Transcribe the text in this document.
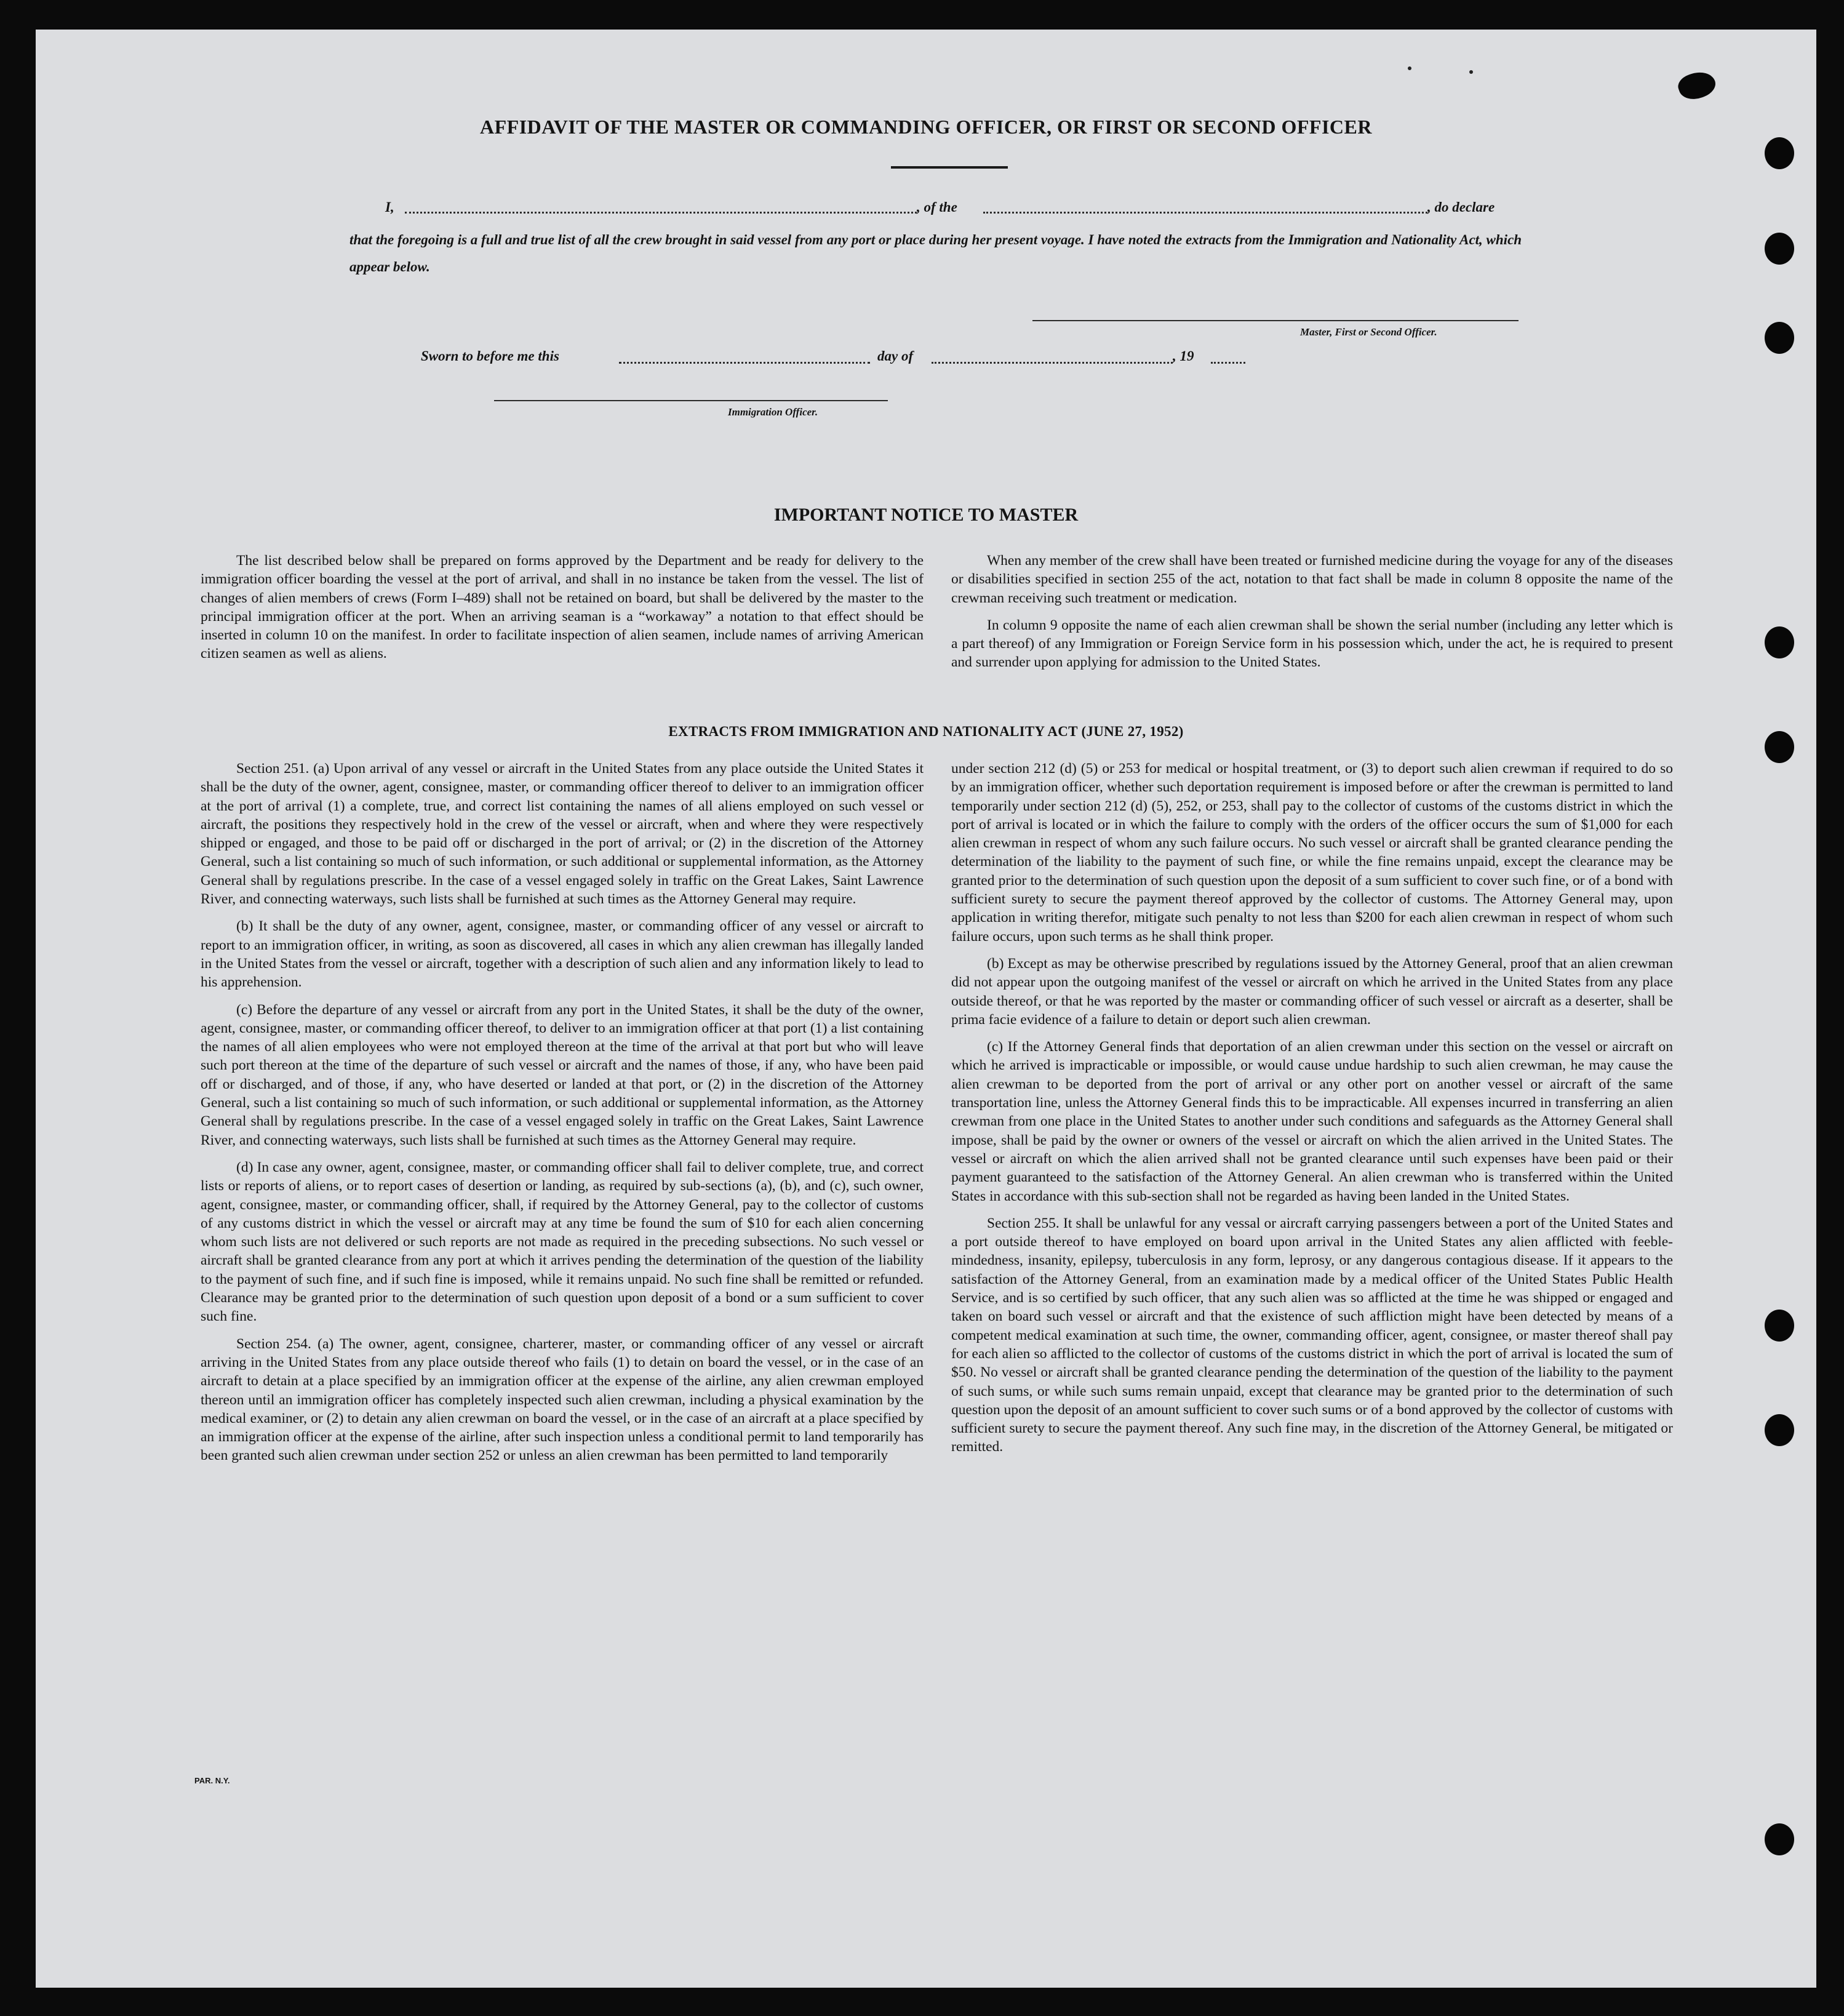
AFFIDAVIT OF THE MASTER OR COMMANDING OFFICER, OR FIRST OR SECOND OFFICER
I,	, of the	, do declare

that the foregoing is a full and true list of all the crew brought in said vessel from any port or place during her present voyage. I have noted the extracts from the Immigration and Nationality Act, which appear below.

Master, First or Second Officer.
Sworn to before me this	day of	, 19
Immigration Officer.
IMPORTANT NOTICE TO MASTER

The list described below shall be prepared on forms approved by the Department and be ready for delivery to the immigration officer boarding the vessel at the port of arrival, and shall in no instance be taken from the vessel. The list of changes of alien members of crews (Form I–489) shall not be retained on board, but shall be delivered by the master to the principal immigration officer at the port. When an arriving seaman is a “workaway” a notation to that effect should be inserted in column 10 on the manifest. In order to facilitate inspection of alien seamen, include names of arriving American citizen seamen as well as aliens.

When any member of the crew shall have been treated or furnished medicine during the voyage for any of the diseases or disabilities specified in section 255 of the act, notation to that fact shall be made in column 8 opposite the name of the crewman receiving such treatment or medication.

In column 9 opposite the name of each alien crewman shall be shown the serial number (including any letter which is a part thereof) of any Immigration or Foreign Service form in his possession which, under the act, he is required to present and surrender upon applying for admission to the United States.

EXTRACTS FROM IMMIGRATION AND NATIONALITY ACT (JUNE 27, 1952)

Section 251. (a) Upon arrival of any vessel or aircraft in the United States from any place outside the United States it shall be the duty of the owner, agent, consignee, master, or commanding officer thereof to deliver to an immigration officer at the port of arrival (1) a complete, true, and correct list containing the names of all aliens employed on such vessel or aircraft, the positions they respectively hold in the crew of the vessel or aircraft, when and where they were respectively shipped or engaged, and those to be paid off or discharged in the port of arrival; or (2) in the discretion of the Attorney General, such a list containing so much of such information, or such additional or supplemental information, as the Attorney General shall by regulations prescribe. In the case of a vessel engaged solely in traffic on the Great Lakes, Saint Lawrence River, and connecting waterways, such lists shall be furnished at such times as the Attorney General may require.

(b) It shall be the duty of any owner, agent, consignee, master, or commanding officer of any vessel or aircraft to report to an immigration officer, in writing, as soon as discovered, all cases in which any alien crewman has illegally landed in the United States from the vessel or aircraft, together with a description of such alien and any information likely to lead to his apprehension.

(c) Before the departure of any vessel or aircraft from any port in the United States, it shall be the duty of the owner, agent, consignee, master, or commanding officer thereof, to deliver to an immigration officer at that port (1) a list containing the names of all alien employees who were not employed thereon at the time of the arrival at that port but who will leave such port thereon at the time of the departure of such vessel or aircraft and the names of those, if any, who have been paid off or discharged, and of those, if any, who have deserted or landed at that port, or (2) in the discretion of the Attorney General, such a list containing so much of such information, or such additional or supplemental information, as the Attorney General shall by regulations prescribe. In the case of a vessel engaged solely in traffic on the Great Lakes, Saint Lawrence River, and connecting waterways, such lists shall be furnished at such times as the Attorney General may require.

(d) In case any owner, agent, consignee, master, or commanding officer shall fail to deliver complete, true, and correct lists or reports of aliens, or to report cases of desertion or landing, as required by sub-sections (a), (b), and (c), such owner, agent, consignee, master, or commanding officer, shall, if required by the Attorney General, pay to the collector of customs of any customs district in which the vessel or aircraft may at any time be found the sum of $10 for each alien concerning whom such lists are not delivered or such reports are not made as required in the preceding subsections. No such vessel or aircraft shall be granted clearance from any port at which it arrives pending the determination of the question of the liability to the payment of such fine, and if such fine is imposed, while it remains unpaid. No such fine shall be remitted or refunded. Clearance may be granted prior to the determination of such question upon deposit of a bond or a sum sufficient to cover such fine.

Section 254. (a) The owner, agent, consignee, charterer, master, or commanding officer of any vessel or aircraft arriving in the United States from any place outside thereof who fails (1) to detain on board the vessel, or in the case of an aircraft to detain at a place specified by an immigration officer at the expense of the airline, any alien crewman employed thereon until an immigration officer has completely inspected such alien crewman, including a physical examination by the medical examiner, or (2) to detain any alien crewman on board the vessel, or in the case of an aircraft at a place specified by an immigration officer at the expense of the airline, after such inspection unless a conditional permit to land temporarily has been granted such alien crewman under section 252 or unless an alien crewman has been permitted to land temporarily

under section 212 (d) (5) or 253 for medical or hospital treatment, or (3) to deport such alien crewman if required to do so by an immigration officer, whether such deportation requirement is imposed before or after the crewman is permitted to land temporarily under section 212 (d) (5), 252, or 253, shall pay to the collector of customs of the customs district in which the port of arrival is located or in which the failure to comply with the orders of the officer occurs the sum of $1,000 for each alien crewman in respect of whom any such failure occurs. No such vessel or aircraft shall be granted clearance pending the determination of the liability to the payment of such fine, or while the fine remains unpaid, except the clearance may be granted prior to the determination of such question upon the deposit of a sum sufficient to cover such fine, or of a bond with sufficient surety to secure the payment thereof approved by the collector of customs. The Attorney General may, upon application in writing therefor, mitigate such penalty to not less than $200 for each alien crewman in respect of whom such failure occurs, upon such terms as he shall think proper.

(b) Except as may be otherwise prescribed by regulations issued by the Attorney General, proof that an alien crewman did not appear upon the outgoing manifest of the vessel or aircraft on which he arrived in the United States from any place outside thereof, or that he was reported by the master or commanding officer of such vessel or aircraft as a deserter, shall be prima facie evidence of a failure to detain or deport such alien crewman.

(c) If the Attorney General finds that deportation of an alien crewman under this section on the vessel or aircraft on which he arrived is impracticable or impossible, or would cause undue hardship to such alien crewman, he may cause the alien crewman to be deported from the port of arrival or any other port on another vessel or aircraft of the same transportation line, unless the Attorney General finds this to be impracticable. All expenses incurred in transferring an alien crewman from one place in the United States to another under such conditions and safeguards as the Attorney General shall impose, shall be paid by the owner or owners of the vessel or aircraft on which the alien arrived in the United States. The vessel or aircraft on which the alien arrived shall not be granted clearance until such expenses have been paid or their payment guaranteed to the satisfaction of the Attorney General. An alien crewman who is transferred within the United States in accordance with this sub-section shall not be regarded as having been landed in the United States.

Section 255. It shall be unlawful for any vessal or aircraft carrying passengers between a port of the United States and a port outside thereof to have employed on board upon arrival in the United States any alien afflicted with feeble-mindedness, insanity, epilepsy, tuberculosis in any form, leprosy, or any dangerous contagious disease. If it appears to the satisfaction of the Attorney General, from an examination made by a medical officer of the United States Public Health Service, and is so certified by such officer, that any such alien was so afflicted at the time he was shipped or engaged and taken on board such vessel or aircraft and that the existence of such affliction might have been detected by means of a competent medical examination at such time, the owner, commanding officer, agent, consignee, or master thereof shall pay for each alien so afflicted to the collector of customs of the customs district in which the port of arrival is located the sum of $50. No vessel or aircraft shall be granted clearance pending the determination of the question of the liability to the payment of such sums, or while such sums remain unpaid, except that clearance may be granted prior to the determination of such question upon the deposit of an amount sufficient to cover such sums or of a bond approved by the collector of customs with sufficient surety to secure the payment thereof. Any such fine may, in the discretion of the Attorney General, be mitigated or remitted.

PAR. N.Y.
